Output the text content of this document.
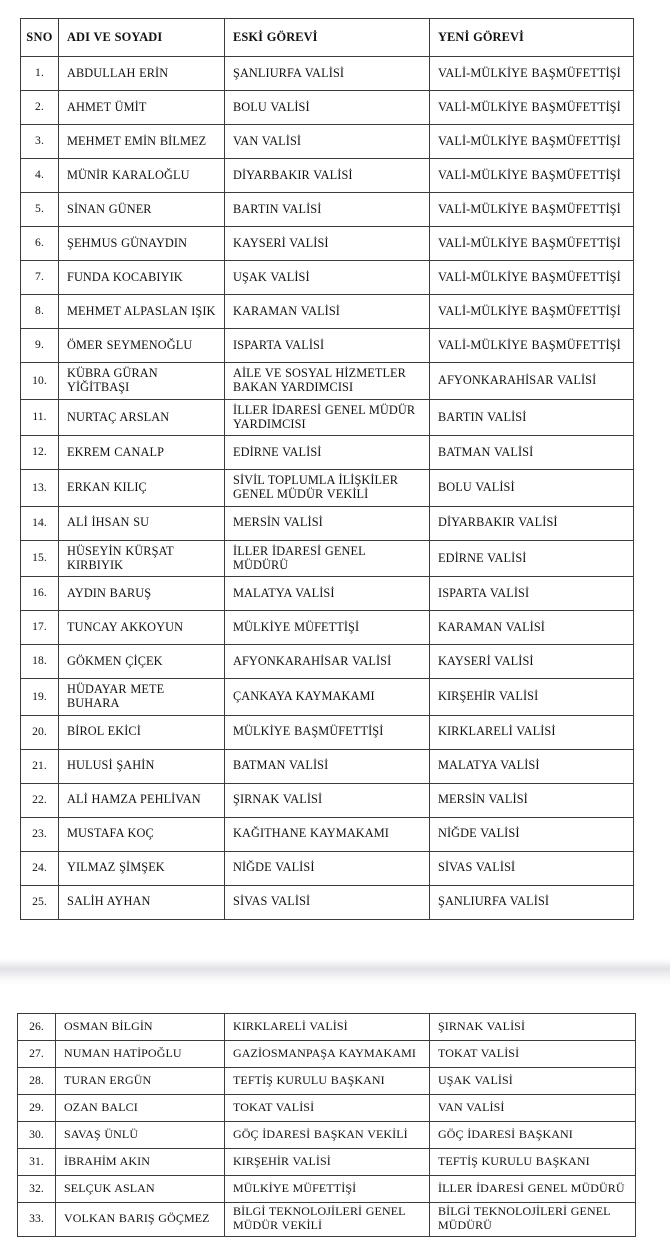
SNO	ADI VE SOYADI	ESKİ GÖREVİ	YENİ GÖREVİ
1.	ABDULLAH ERİN	ŞANLIURFA VALİSİ	VALİ-MÜLKİYE BAŞMÜFETTİŞİ
2.	AHMET ÜMİT	BOLU VALİSİ	VALİ-MÜLKİYE BAŞMÜFETTİŞİ
3.	MEHMET EMİN BİLMEZ	VAN VALİSİ	VALİ-MÜLKİYE BAŞMÜFETTİŞİ
4.	MÜNİR KARALOĞLU	DİYARBAKIR VALİSİ	VALİ-MÜLKİYE BAŞMÜFETTİŞİ
5.	SİNAN GÜNER	BARTIN VALİSİ	VALİ-MÜLKİYE BAŞMÜFETTİŞİ
6.	ŞEHMUS GÜNAYDIN	KAYSERİ VALİSİ	VALİ-MÜLKİYE BAŞMÜFETTİŞİ
7.	FUNDA KOCABIYIK	UŞAK VALİSİ	VALİ-MÜLKİYE BAŞMÜFETTİŞİ
8.	MEHMET ALPASLAN IŞIK	KARAMAN VALİSİ	VALİ-MÜLKİYE BAŞMÜFETTİŞİ
9.	ÖMER SEYMENOĞLU	ISPARTA VALİSİ	VALİ-MÜLKİYE BAŞMÜFETTİŞİ
10.	KÜBRA GÜRAN YİĞİTBAŞI	AİLE VE SOSYAL HİZMETLER BAKAN YARDIMCISI	AFYONKARAHİSAR VALİSİ
11.	NURTAÇ ARSLAN	İLLER İDARESİ GENEL MÜDÜR YARDIMCISI	BARTIN VALİSİ
12.	EKREM CANALP	EDİRNE VALİSİ	BATMAN VALİSİ
13.	ERKAN KILIÇ	SİVİL TOPLUMLA İLİŞKİLER GENEL MÜDÜR VEKİLİ	BOLU VALİSİ
14.	ALİ İHSAN SU	MERSİN VALİSİ	DİYARBAKIR VALİSİ
15.	HÜSEYİN KÜRŞAT KIRBIYIK	İLLER İDARESİ GENEL MÜDÜRÜ	EDİRNE VALİSİ
16.	AYDIN BARUŞ	MALATYA VALİSİ	ISPARTA VALİSİ
17.	TUNCAY AKKOYUN	MÜLKİYE MÜFETTİŞİ	KARAMAN VALİSİ
18.	GÖKMEN ÇİÇEK	AFYONKARAHİSAR VALİSİ	KAYSERİ VALİSİ
19.	HÜDAYAR METE BUHARA	ÇANKAYA KAYMAKAMI	KIRŞEHİR VALİSİ
20.	BİROL EKİCİ	MÜLKİYE BAŞMÜFETTİŞİ	KIRKLARELİ VALİSİ
21.	HULUSİ ŞAHİN	BATMAN VALİSİ	MALATYA VALİSİ
22.	ALİ HAMZA PEHLİVAN	ŞIRNAK VALİSİ	MERSİN VALİSİ
23.	MUSTAFA KOÇ	KAĞITHANE KAYMAKAMI	NİĞDE VALİSİ
24.	YILMAZ ŞİMŞEK	NİĞDE VALİSİ	SİVAS VALİSİ
25.	SALİH AYHAN	SİVAS VALİSİ	ŞANLIURFA VALİSİ
26.	OSMAN BİLGİN	KIRKLARELİ VALİSİ	ŞIRNAK VALİSİ
27.	NUMAN HATİPOĞLU	GAZİOSMANPAŞA KAYMAKAMI	TOKAT VALİSİ
28.	TURAN ERGÜN	TEFTİŞ KURULU BAŞKANI	UŞAK VALİSİ
29.	OZAN BALCI	TOKAT VALİSİ	VAN VALİSİ
30.	SAVAŞ ÜNLÜ	GÖÇ İDARESİ BAŞKAN VEKİLİ	GÖÇ İDARESİ BAŞKANI
31.	İBRAHİM AKIN	KIRŞEHİR VALİSİ	TEFTİŞ KURULU BAŞKANI
32.	SELÇUK ASLAN	MÜLKİYE MÜFETTİŞİ	İLLER İDARESİ GENEL MÜDÜRÜ
33.	VOLKAN BARIŞ GÖÇMEZ	BİLGİ TEKNOLOJİLERİ GENEL MÜDÜR VEKİLİ	BİLGİ TEKNOLOJİLERİ GENEL MÜDÜRÜ
